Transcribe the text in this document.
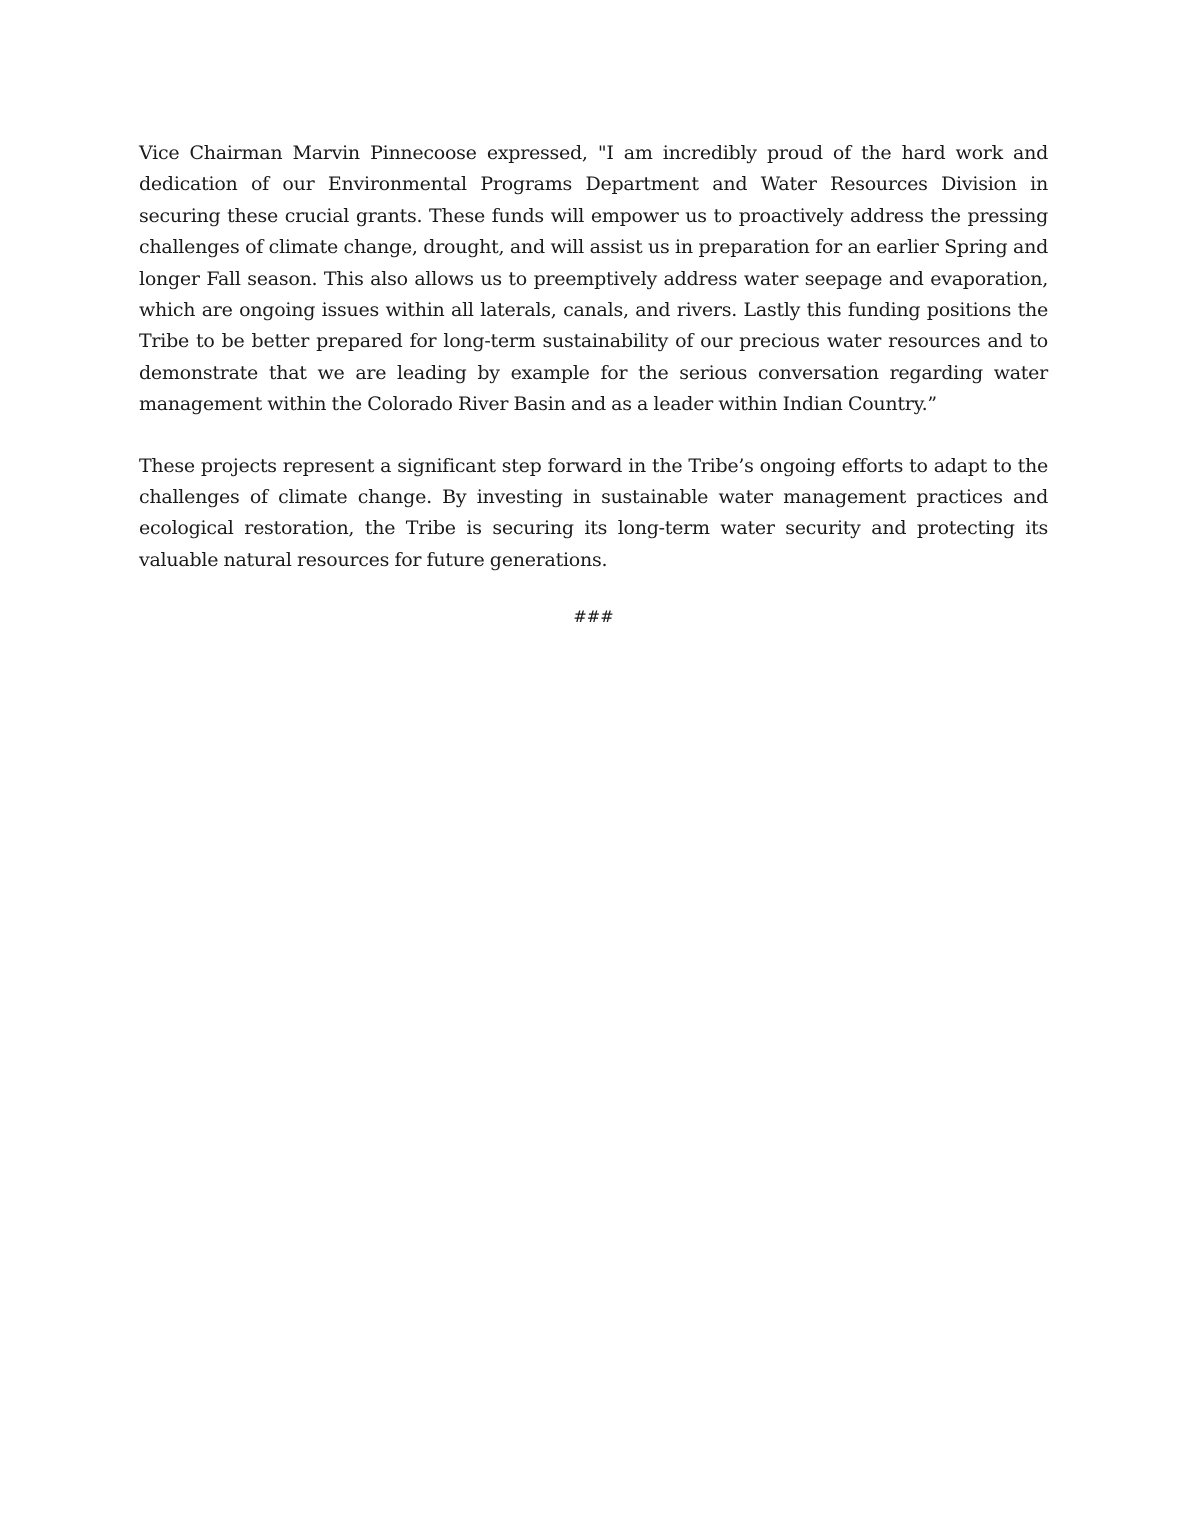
Vice Chairman Marvin Pinnecoose expressed, "I am incredibly proud of the hard work and dedication of our Environmental Programs Department and Water Resources Division in securing these crucial grants. These funds will empower us to proactively address the pressing challenges of climate change, drought, and will assist us in preparation for an earlier Spring and longer Fall season. This also allows us to preemptively address water seepage and evaporation, which are ongoing issues within all laterals, canals, and rivers. Lastly this funding positions the Tribe to be better prepared for long-term sustainability of our precious water resources and to demonstrate that we are leading by example for the serious conversation regarding water management within the Colorado River Basin and as a leader within Indian Country.”

These projects represent a significant step forward in the Tribe’s ongoing efforts to adapt to the challenges of climate change. By investing in sustainable water management practices and ecological restoration, the Tribe is securing its long-term water security and protecting its valuable natural resources for future generations.

###
